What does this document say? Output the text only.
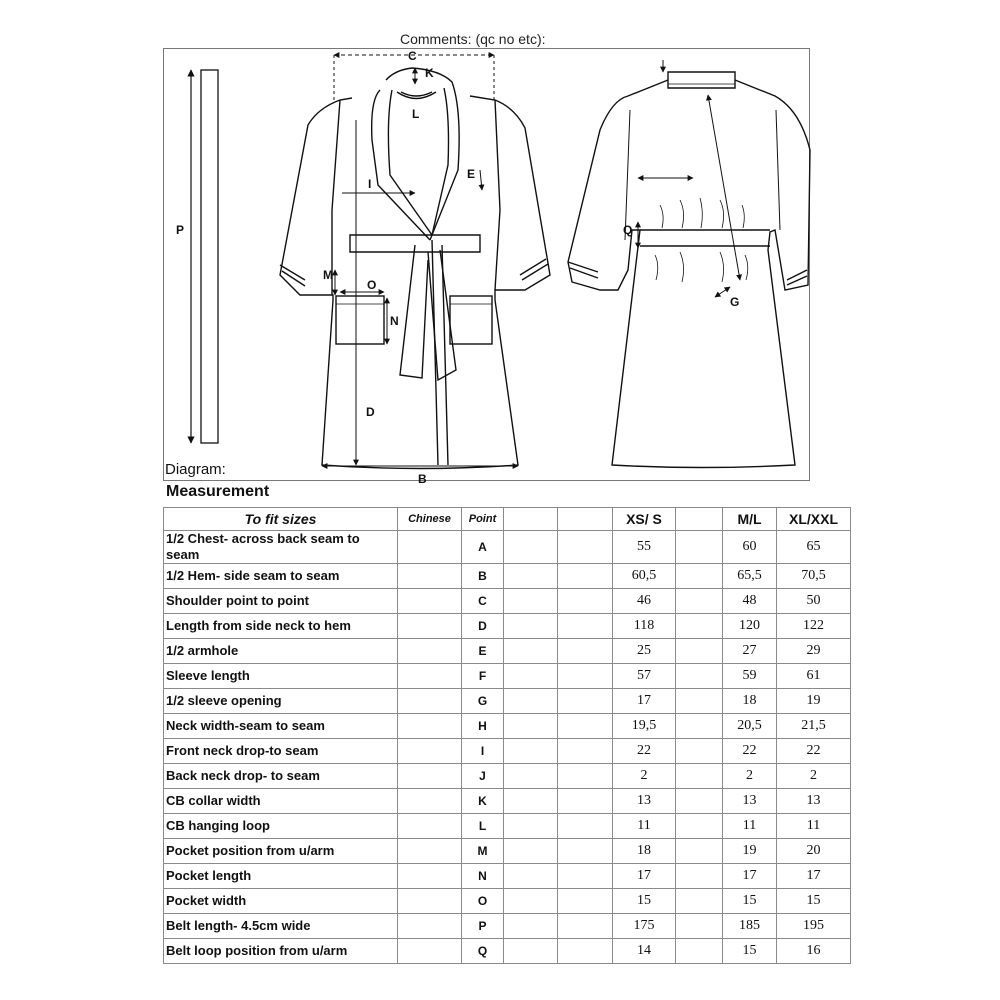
Comments: (qc no etc):
P
C
K
L
I
E
M
O
N
D
B
Q
G
Diagram:
Measurement
To fit sizes	Chinese	Point			XS/ S		M/L	XL/XXL
1/2 Chest- across back seam to seam		A			55		60	65
1/2 Hem- side seam to seam		B			60,5		65,5	70,5
Shoulder point to point		C			46		48	50
Length from side neck to hem		D			118		120	122
1/2 armhole		E			25		27	29
Sleeve length		F			57		59	61
1/2 sleeve opening		G			17		18	19
Neck width-seam to seam		H			19,5		20,5	21,5
Front neck drop-to seam		I			22		22	22
Back neck drop- to seam		J			2		2	2
CB collar width		K			13		13	13
CB hanging loop		L			11		11	11
Pocket position from u/arm		M			18		19	20
Pocket length		N			17		17	17
Pocket width		O			15		15	15
Belt length- 4.5cm wide		P			175		185	195
Belt loop position from u/arm		Q			14		15	16
